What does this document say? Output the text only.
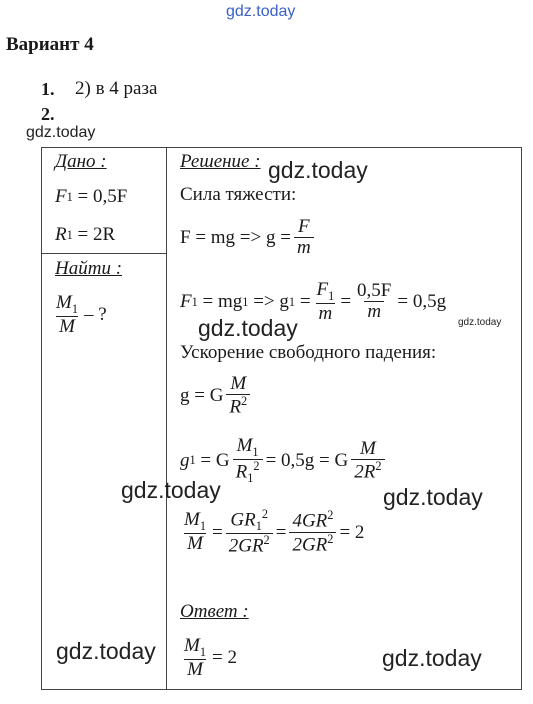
gdz.today
Вариант 4
1. 2) в 4 раза
2.
gdz.today
Дано :
F 1
= 0,5F
R 1
= 2R
Найти :
$\frac{M_1}{M}$ – ?
Решение : gdz.today
Сила тяжести:
F = mg => $g = \frac{F}{m}$
F 1
= mg 1
=> g 1
= $\frac{F_1}{m} = \frac{0,5F}{m} = 0,5g$
gdz.today
gdz.today
Ускорение свободного падения:
g = G $\frac{M}{R^2}$
g 1
= G $\frac{M_1}{R_1^2} = 0,5g = G \frac{M}{2R^2}$
gdz.today	gdz.today
$\frac{M_1}{M} = \frac{GR_1^2}{2GR^2} = \frac{4GR^2}{2GR^2} = 2$
Ответ :
gdz.today $\frac{M_1}{M} = 2$	gdz.today
